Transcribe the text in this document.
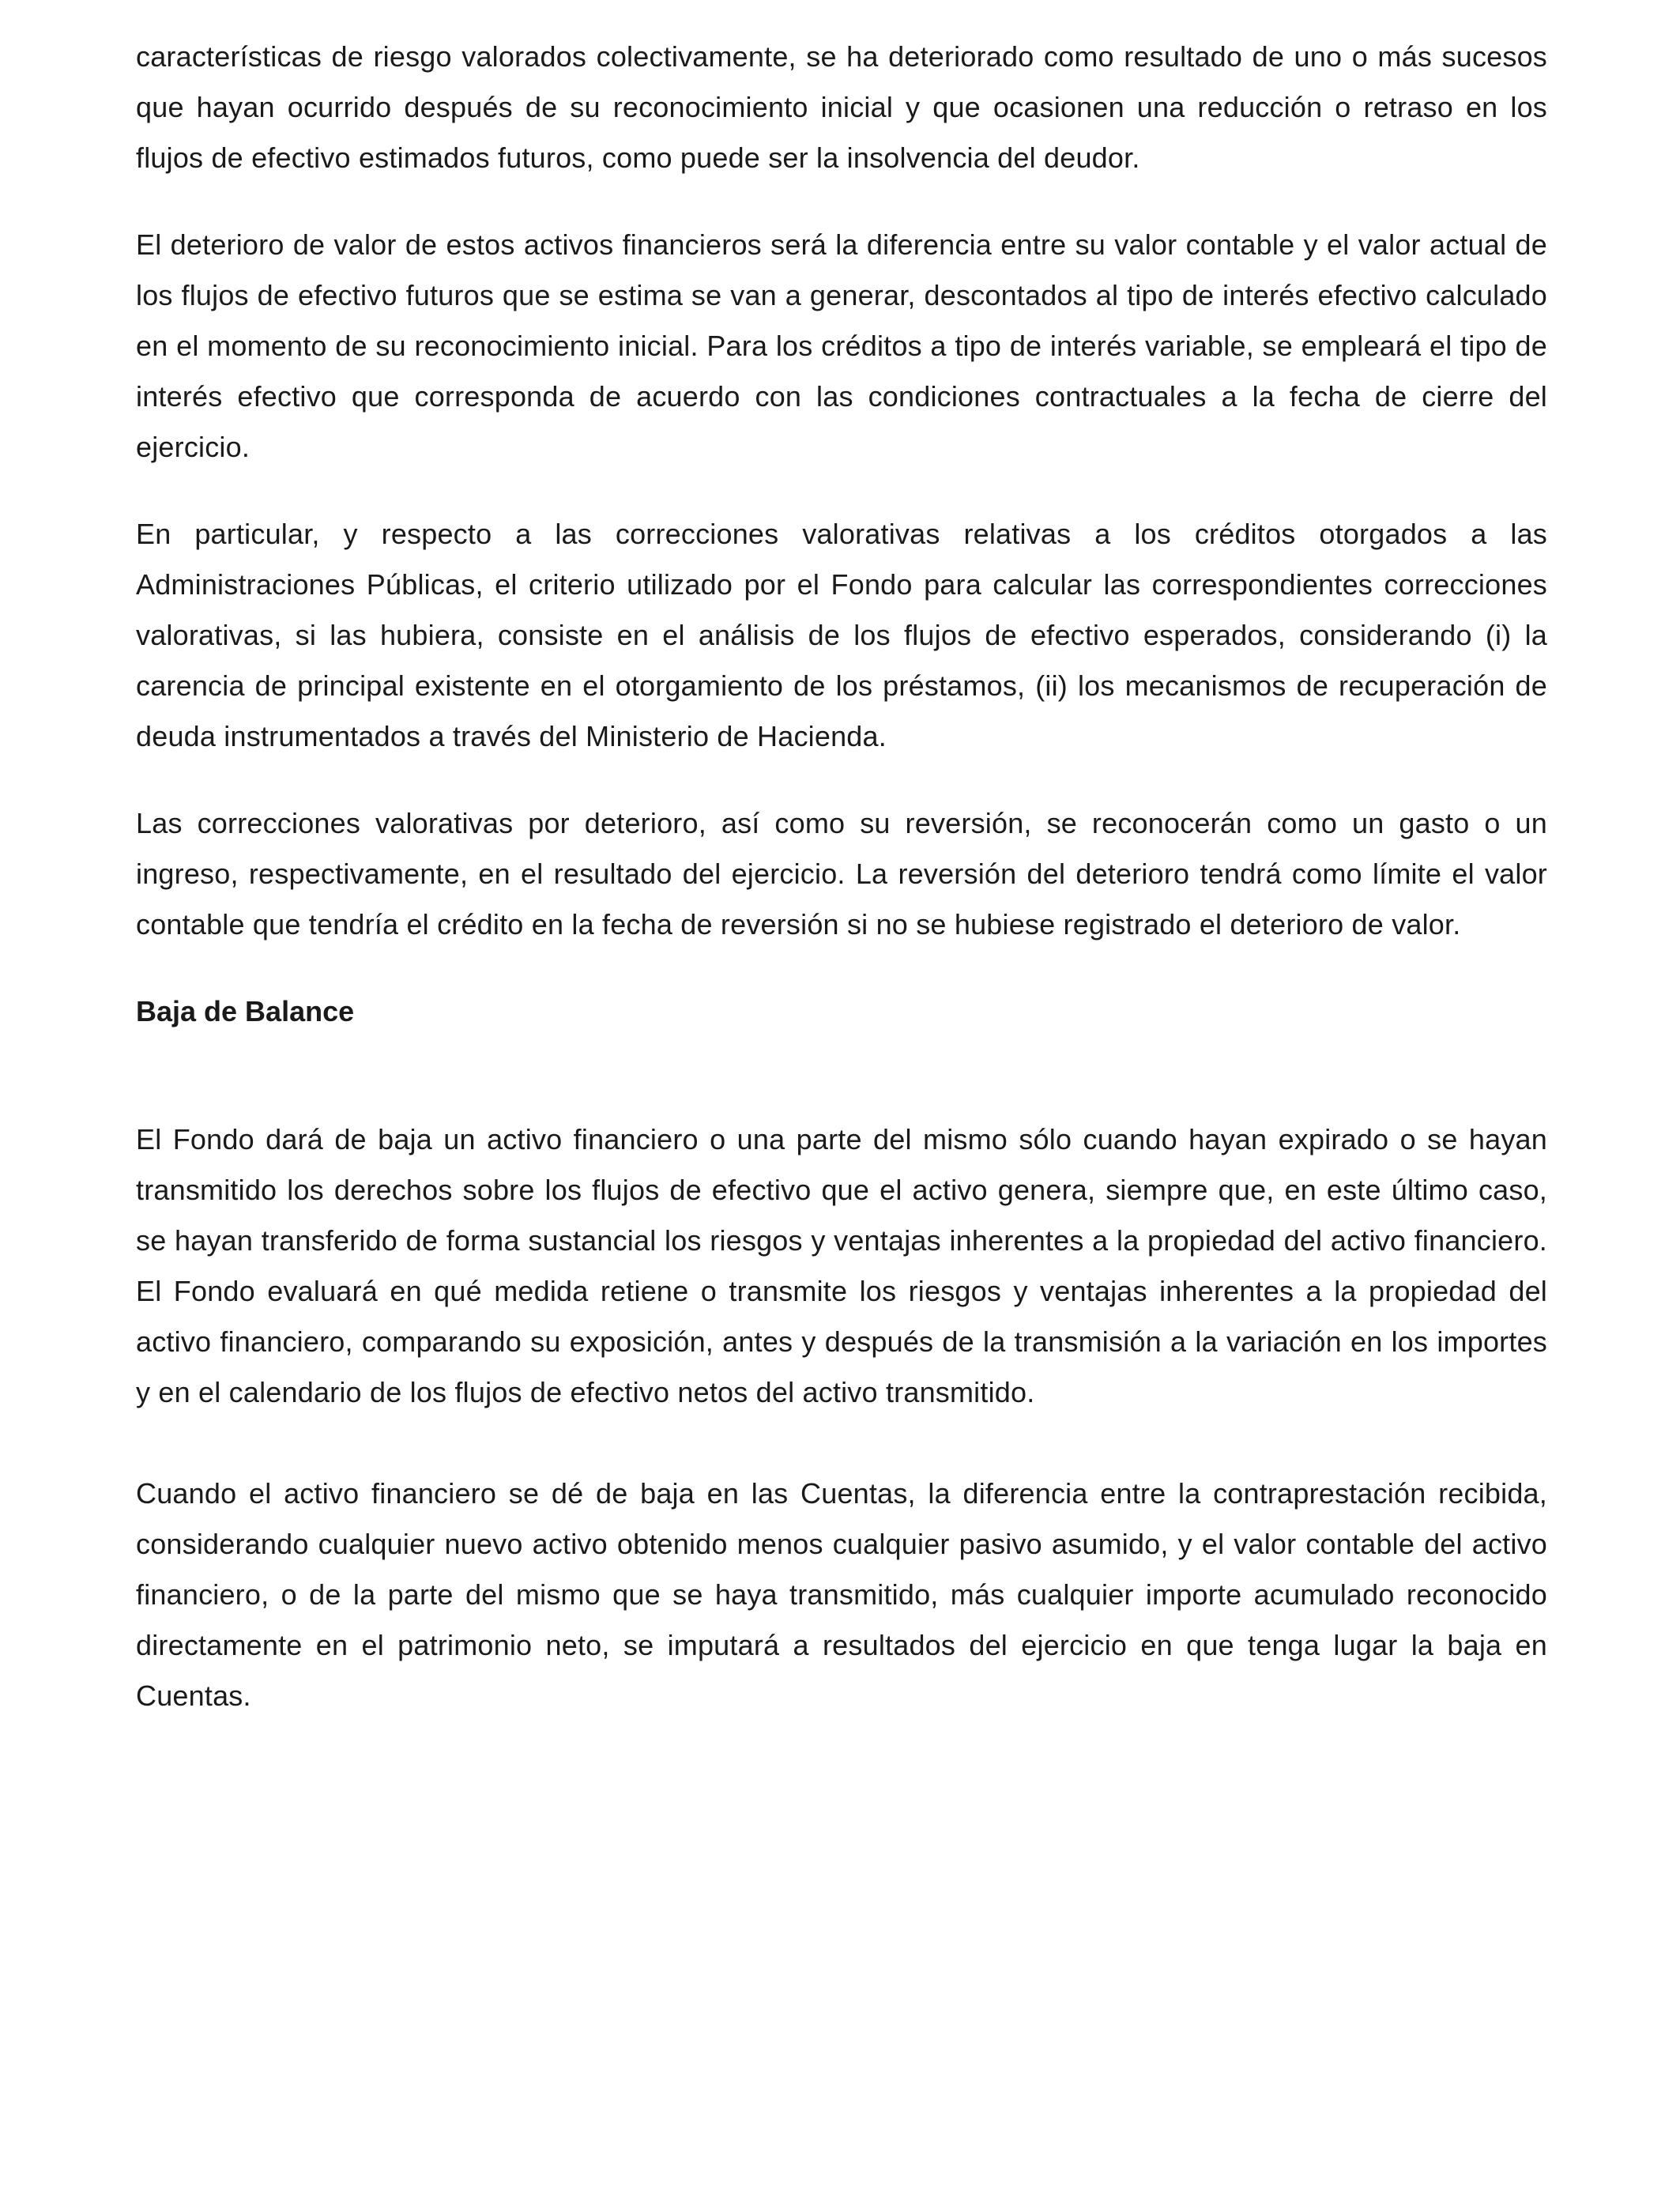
características de riesgo valorados colectivamente, se ha deteriorado como resultado de uno o más sucesos que hayan ocurrido después de su reconocimiento inicial y que ocasionen una reducción o retraso en los flujos de efectivo estimados futuros, como puede ser la insolvencia del deudor.

El deterioro de valor de estos activos financieros será la diferencia entre su valor contable y el valor actual de los flujos de efectivo futuros que se estima se van a generar, descontados al tipo de interés efectivo calculado en el momento de su reconocimiento inicial. Para los créditos a tipo de interés variable, se empleará el tipo de interés efectivo que corresponda de acuerdo con las condiciones contractuales a la fecha de cierre del ejercicio.

En particular, y respecto a las correcciones valorativas relativas a los créditos otorgados a las Administraciones Públicas, el criterio utilizado por el Fondo para calcular las correspondientes correcciones valorativas, si las hubiera, consiste en el análisis de los flujos de efectivo esperados, considerando (i) la carencia de principal existente en el otorgamiento de los préstamos, (ii) los mecanismos de recuperación de deuda instrumentados a través del Ministerio de Hacienda.

Las correcciones valorativas por deterioro, así como su reversión, se reconocerán como un gasto o un ingreso, respectivamente, en el resultado del ejercicio. La reversión del deterioro tendrá como límite el valor contable que tendría el crédito en la fecha de reversión si no se hubiese registrado el deterioro de valor.

Baja de Balance

El Fondo dará de baja un activo financiero o una parte del mismo sólo cuando hayan expirado o se hayan transmitido los derechos sobre los flujos de efectivo que el activo genera, siempre que, en este último caso, se hayan transferido de forma sustancial los riesgos y ventajas inherentes a la propiedad del activo financiero. El Fondo evaluará en qué medida retiene o transmite los riesgos y ventajas inherentes a la propiedad del activo financiero, comparando su exposición, antes y después de la transmisión a la variación en los importes y en el calendario de los flujos de efectivo netos del activo transmitido.

Cuando el activo financiero se dé de baja en las Cuentas, la diferencia entre la contraprestación recibida, considerando cualquier nuevo activo obtenido menos cualquier pasivo asumido, y el valor contable del activo financiero, o de la parte del mismo que se haya transmitido, más cualquier importe acumulado reconocido directamente en el patrimonio neto, se imputará a resultados del ejercicio en que tenga lugar la baja en Cuentas.
